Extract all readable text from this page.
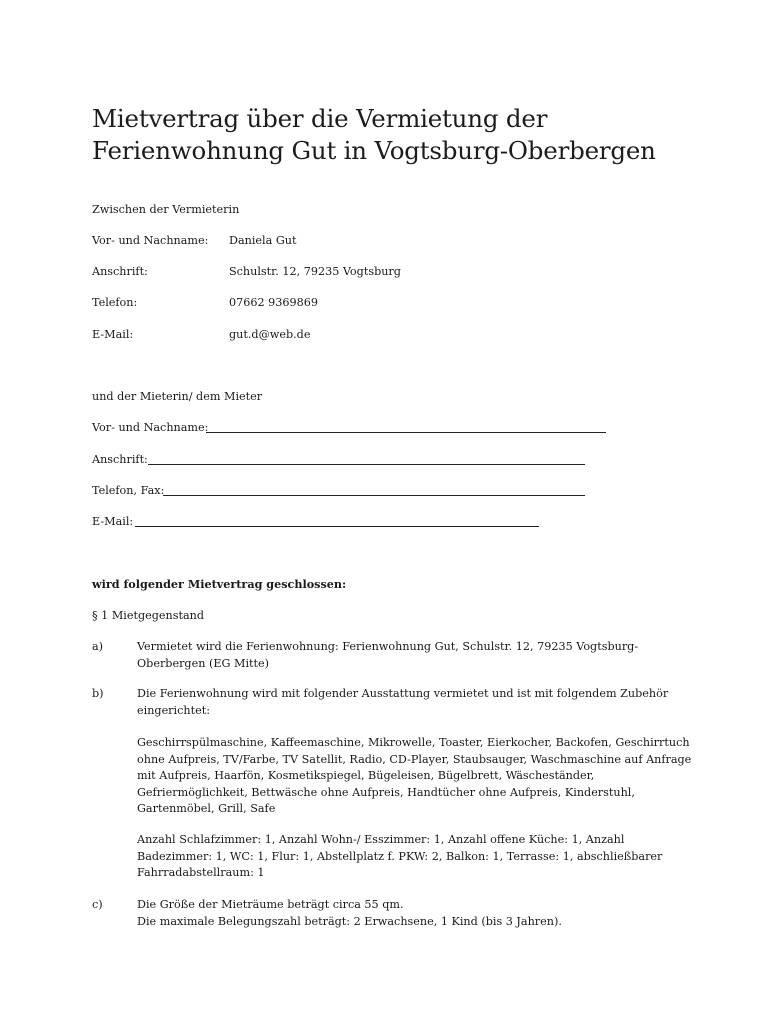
Mietvertrag über die Vermietung der
Ferienwohnung Gut in Vogtsburg-Oberbergen
Zwischen der Vermieterin
Vor- und Nachname: Daniela Gut
Anschrift:	Schulstr. 12, 79235 Vogtsburg
Telefon:	07662 9369869
E-Mail:	gut.d@web.de
und der Mieterin/ dem Mieter
Vor- und Nachname:
Anschrift:
Telefon, Fax:
E-Mail:
wird folgender Mietvertrag geschlossen:
§ 1 Mietgegenstand
a)	Vermietet wird die Ferienwohnung: Ferienwohnung Gut, Schulstr. 12, 79235 Vogtsburg-
Oberbergen (EG Mitte)
b)	Die Ferienwohnung wird mit folgender Ausstattung vermietet und ist mit folgendem Zubehör
eingerichtet:
Geschirrspülmaschine, Kaffeemaschine, Mikrowelle, Toaster, Eierkocher, Backofen, Geschirrtuch
ohne Aufpreis, TV/Farbe, TV Satellit, Radio, CD-Player, Staubsauger, Waschmaschine auf Anfrage
mit Aufpreis, Haarfön, Kosmetikspiegel, Bügeleisen, Bügelbrett, Wäscheständer,
Gefriermöglichkeit, Bettwäsche ohne Aufpreis, Handtücher ohne Aufpreis, Kinderstuhl,
Gartenmöbel, Grill, Safe
Anzahl Schlafzimmer: 1, Anzahl Wohn-/ Esszimmer: 1, Anzahl offene Küche: 1, Anzahl
Badezimmer: 1, WC: 1, Flur: 1, Abstellplatz f. PKW: 2, Balkon: 1, Terrasse: 1, abschließbarer
Fahrradabstellraum: 1
c)	Die Größe der Mieträume beträgt circa 55 qm.
Die maximale Belegungszahl beträgt: 2 Erwachsene, 1 Kind (bis 3 Jahren).
